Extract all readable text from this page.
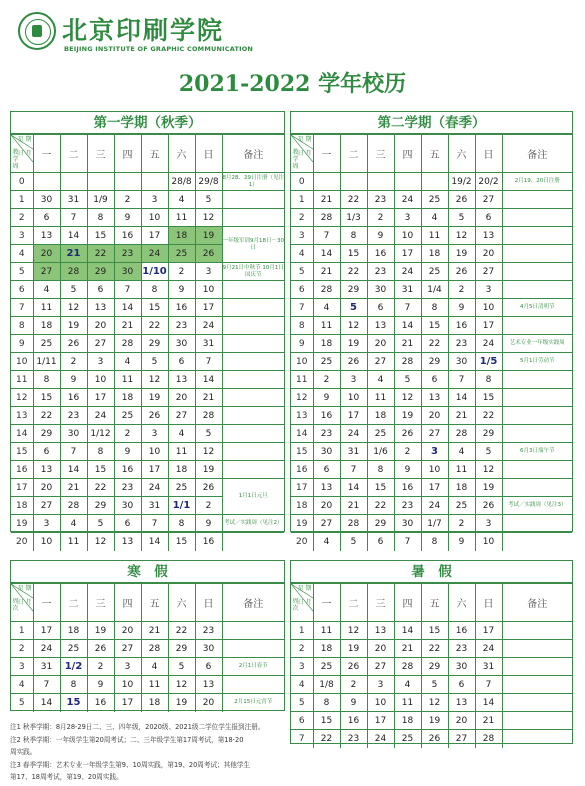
北京印刷学院
BEIJING INSTITUTE OF GRAPHIC COMMUNICATION
2021-2022 学年校历
第一学期（秋季）
星 期
日 月
教 学 周	一	二	三	四	五	六	日	备注
0						28/8	29/8	8月28、29日注册（见注1）
1	30	31	1/9	2	3	4	5	
2	6	7	8	9	10	11	12	
3	13	14	15	16	17	18	19	一年级军训9月18日－30日
4	20	21	22	23	24	25	26	
5	27	28	29	30	1/10	2	3	9月21日中秋节 10月1日国庆节
6	4	5	6	7	8	9	10	
7	11	12	13	14	15	16	17	
8	18	19	20	21	22	23	24	
9	25	26	27	28	29	30	31	
10	1/11	2	3	4	5	6	7	
11	8	9	10	11	12	13	14	
12	15	16	17	18	19	20	21	
13	22	23	24	25	26	27	28	
14	29	30	1/12	2	3	4	5	
15	6	7	8	9	10	11	12	
16	13	14	15	16	17	18	19	
17	20	21	22	23	24	25	26	1月1日元旦
18	27	28	29	30	31	1/1	2	
19	3	4	5	6	7	8	9	考试／实践周（见注2）
20	10	11	12	13	14	15	16	
第二学期（春季）
星 期
日 月
教 学 周	一	二	三	四	五	六	日	备注
0						19/2	20/2	2月19、20日注册
1	21	22	23	24	25	26	27	
2	28	1/3	2	3	4	5	6	
3	7	8	9	10	11	12	13	
4	14	15	16	17	18	19	20	
5	21	22	23	24	25	26	27	
6	28	29	30	31	1/4	2	3	
7	4	5	6	7	8	9	10	4月5日清明节
8	11	12	13	14	15	16	17	
9	18	19	20	21	22	23	24	艺术专业一年级实践周
10	25	26	27	28	29	30	1/5	5月1日劳动节
11	2	3	4	5	6	7	8	
12	9	10	11	12	13	14	15	
13	16	17	18	19	20	21	22	
14	23	24	25	26	27	28	29	
15	30	31	1/6	2	3	4	5	6月3日端午节
16	6	7	8	9	10	11	12	
17	13	14	15	16	17	18	19	
18	20	21	22	23	24	25	26	考试／实践周（见注3）
19	27	28	29	30	1/7	2	3	
20	4	5	6	7	8	9	10	
寒　假
星 期
日 月
周 次	一	二	三	四	五	六	日	备注
1	17	18	19	20	21	22	23	
2	24	25	26	27	28	29	30	
3	31	1/2	2	3	4	5	6	2月1日春节
4	7	8	9	10	11	12	13	
5	14	15	16	17	18	19	20	2月15日元宵节
暑　假
星 期
日 月
周 次	一	二	三	四	五	六	日	备注
1	11	12	13	14	15	16	17	
2	18	19	20	21	22	23	24	
3	25	26	27	28	29	30	31	
4	1/8	2	3	4	5	6	7	
5	8	9	10	11	12	13	14	
6	15	16	17	18	19	20	21	
7	22	23	24	25	26	27	28	
注1 秋季学期：8月28-29日二、三、四年级，2020级、2021级二学位学生报到注册。
注2 秋季学期：一年级学生第20周考试；二、三年级学生第17周考试，第18-20
周实践。
注3 春季学期：艺术专业一年级学生第9、10周实践，第19、20周考试；其他学生
第17、18周考试，第19、20周实践。
